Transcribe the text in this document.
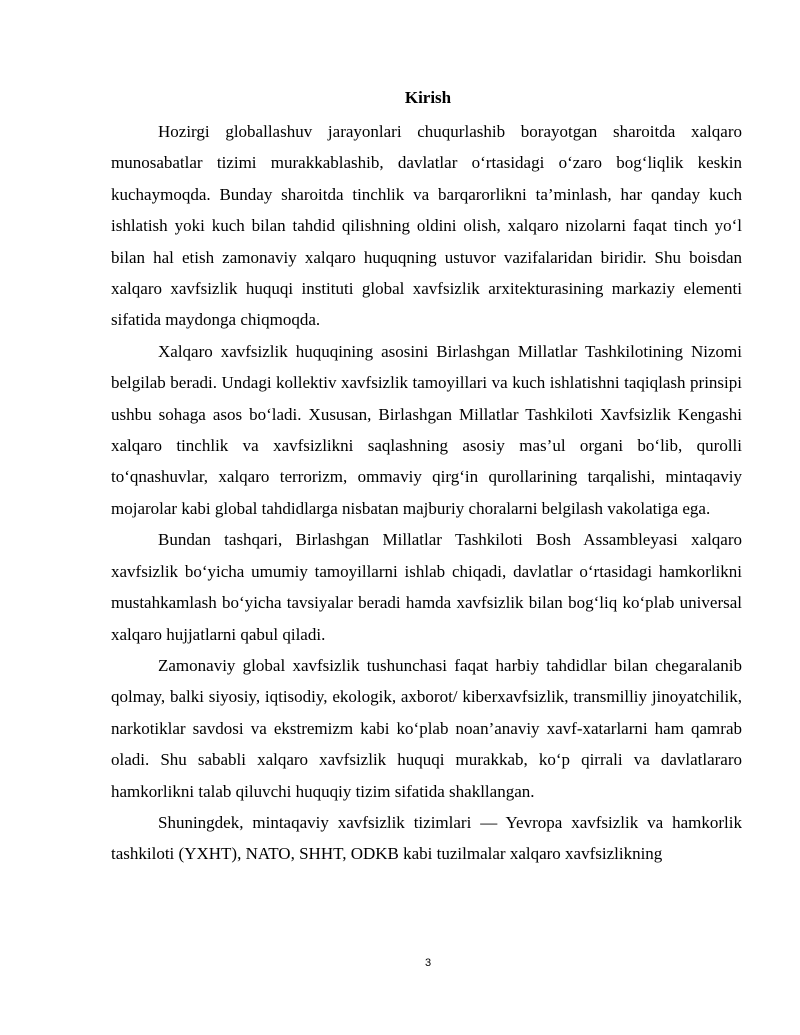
Kirish

Hozirgi globallashuv jarayonlari chuqurlashib borayotgan sharoitda xalqaro munosabatlar tizimi murakkablashib, davlatlar o‘rtasidagi o‘zaro bog‘liqlik keskin kuchaymoqda. Bunday sharoitda tinchlik va barqarorlikni ta’minlash, har qanday kuch ishlatish yoki kuch bilan tahdid qilishning oldini olish, xalqaro nizolarni faqat tinch yo‘l bilan hal etish zamonaviy xalqaro huquqning ustuvor vazifalaridan biridir. Shu boisdan xalqaro xavfsizlik huquqi instituti global xavfsizlik arxitekturasining markaziy elementi sifatida maydonga chiqmoqda.

Xalqaro xavfsizlik huquqining asosini Birlashgan Millatlar Tashkilotining Nizomi belgilab beradi. Undagi kollektiv xavfsizlik tamoyillari va kuch ishlatishni taqiqlash prinsipi ushbu sohaga asos bo‘ladi. Xususan, Birlashgan Millatlar Tashkiloti Xavfsizlik Kengashi xalqaro tinchlik va xavfsizlikni saqlashning asosiy mas’ul organi bo‘lib, qurolli to‘qnashuvlar, xalqaro terrorizm, ommaviy qirg‘in qurollarining tarqalishi, mintaqaviy mojarolar kabi global tahdidlarga nisbatan majburiy choralarni belgilash vakolatiga ega.

Bundan tashqari, Birlashgan Millatlar Tashkiloti Bosh Assambleyasi xalqaro xavfsizlik bo‘yicha umumiy tamoyillarni ishlab chiqadi, davlatlar o‘rtasidagi hamkorlikni mustahkamlash bo‘yicha tavsiyalar beradi hamda xavfsizlik bilan bog‘liq ko‘plab universal xalqaro hujjatlarni qabul qiladi.

Zamonaviy global xavfsizlik tushunchasi faqat harbiy tahdidlar bilan chegaralanib qolmay, balki siyosiy, iqtisodiy, ekologik, axborot/ kiberxavfsizlik, transmilliy jinoyatchilik, narkotiklar savdosi va ekstremizm kabi ko‘plab noan’anaviy xavf-xatarlarni ham qamrab oladi. Shu sababli xalqaro xavfsizlik huquqi murakkab, ko‘p qirrali va davlatlararo hamkorlikni talab qiluvchi huquqiy tizim sifatida shakllangan.

Shuningdek, mintaqaviy xavfsizlik tizimlari — Yevropa xavfsizlik va hamkorlik tashkiloti (YXHT), NATO, SHHT, ODKB kabi tuzilmalar xalqaro xavfsizlikning

3
